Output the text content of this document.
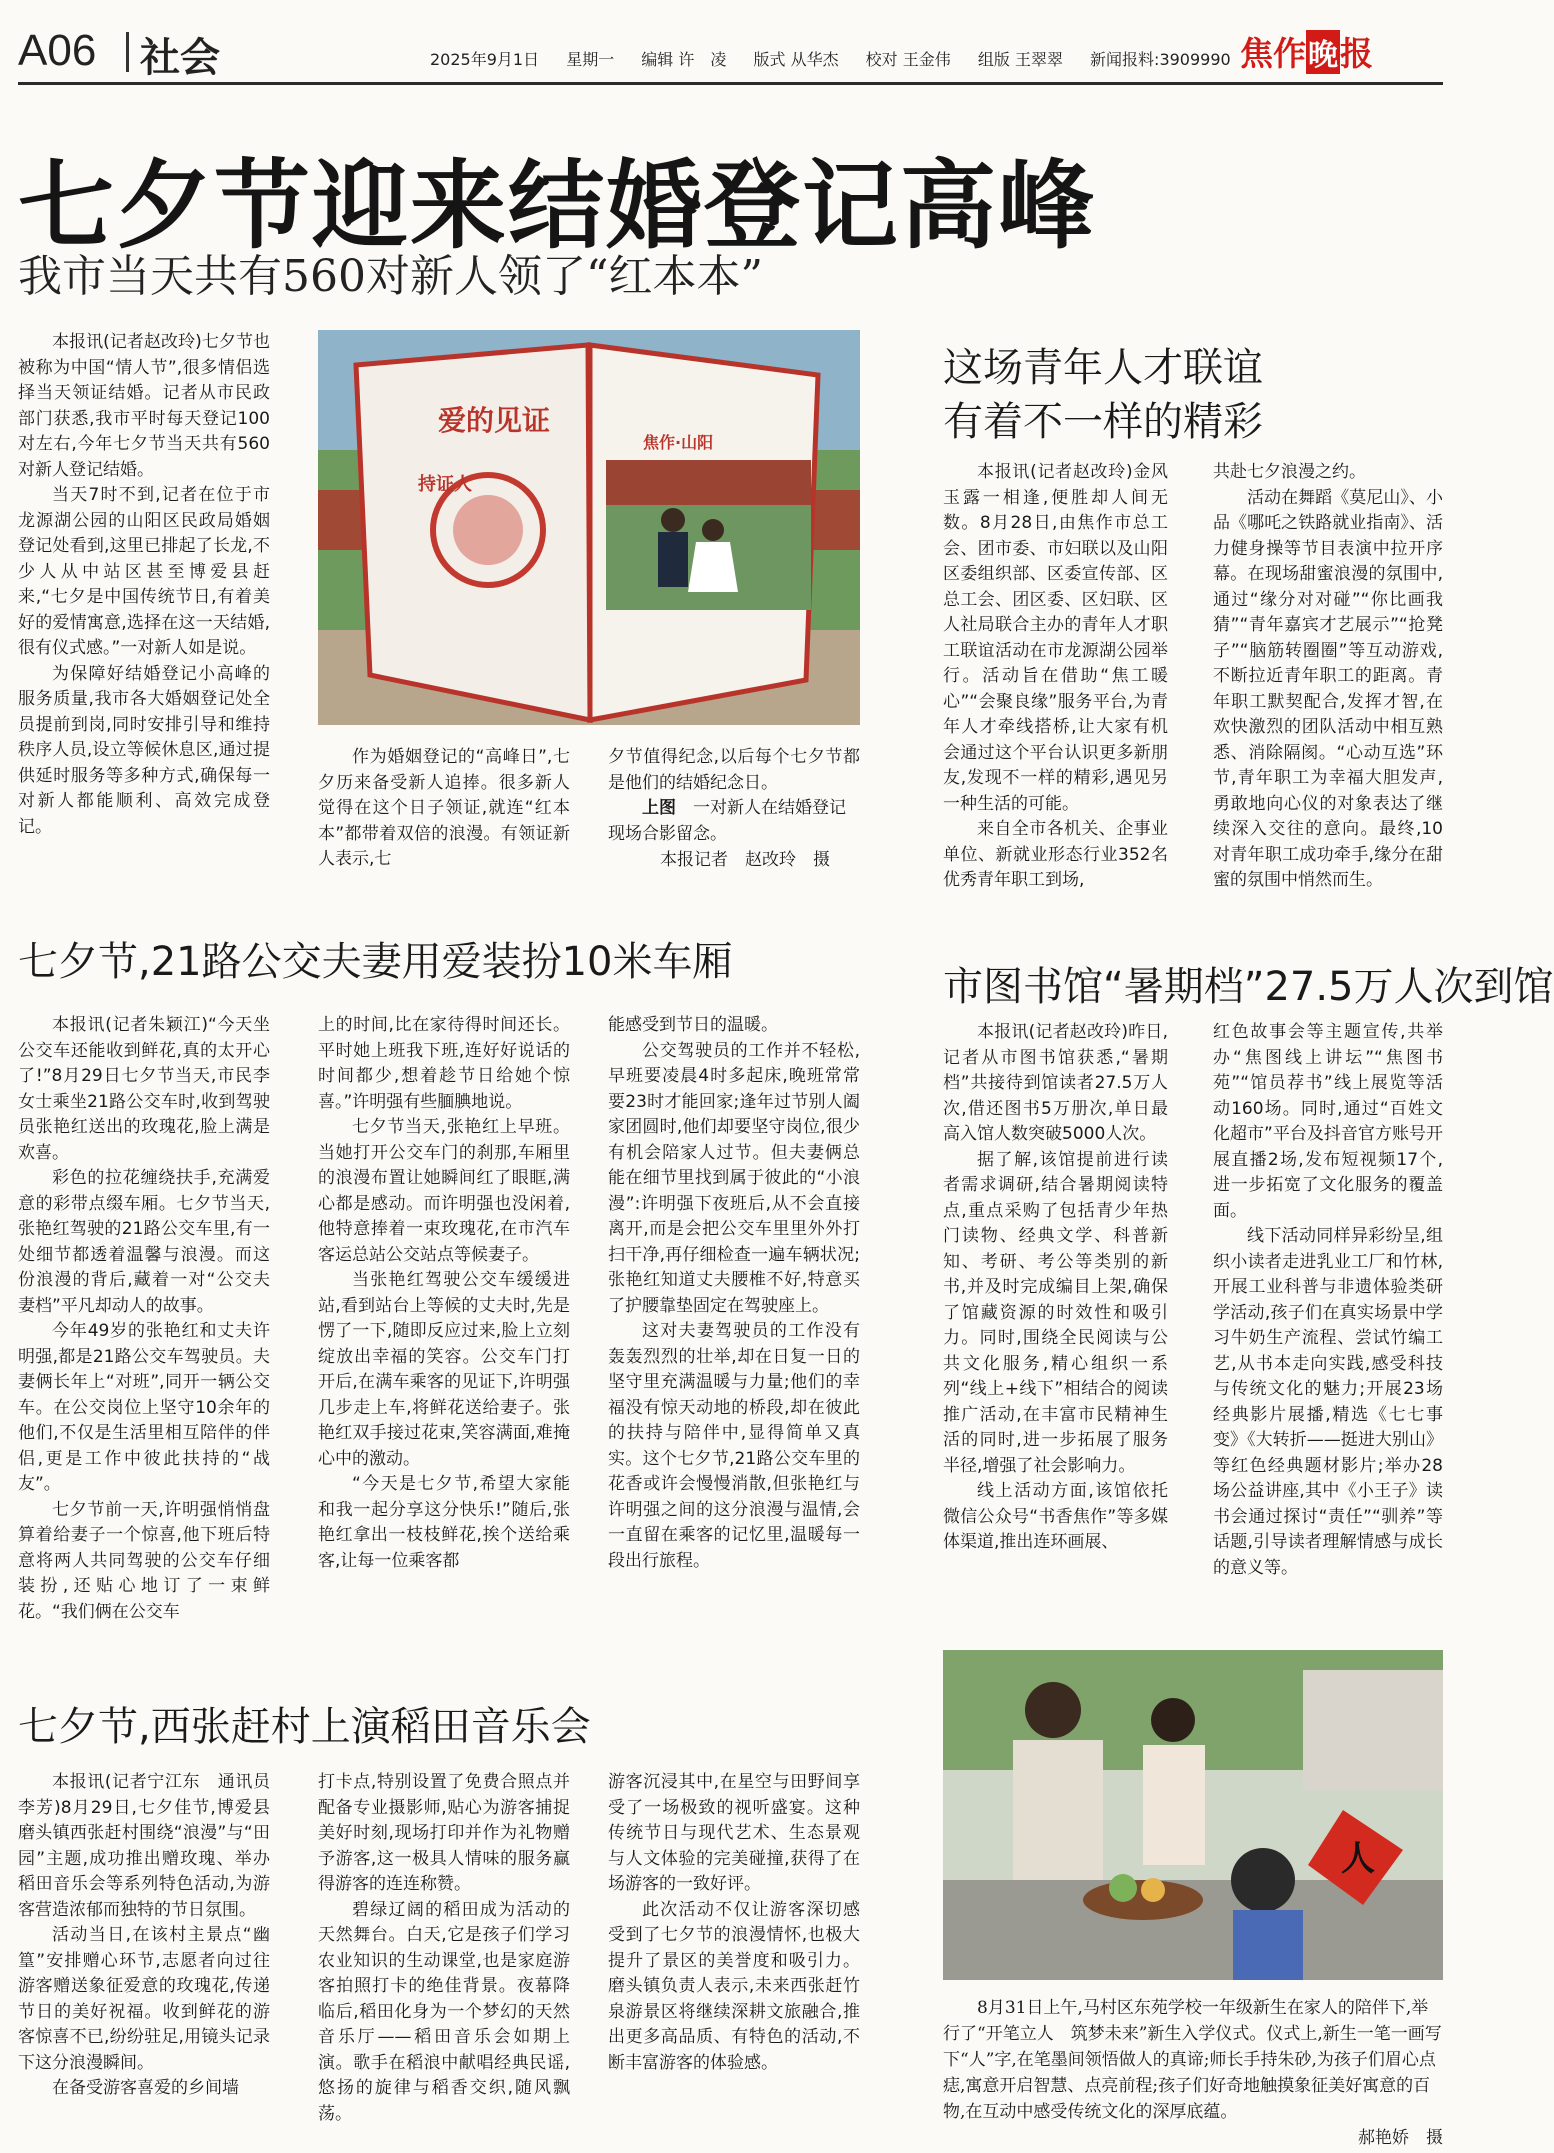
A06 社会	2025年9月1日 星期一 编辑 许　凌 版式 从华杰 校对 王金伟 组版 王翠翠 新闻报料:3909990 焦作晚报
七夕节迎来结婚登记高峰
我市当天共有560对新人领了“红本本”

本报讯(记者赵改玲)七夕节也被称为中国“情人节”,很多情侣选择当天领证结婚。记者从市民政部门获悉,我市平时每天登记100对左右,今年七夕节当天共有560对新人登记结婚。

当天7时不到,记者在位于市龙源湖公园的山阳区民政局婚姻登记处看到,这里已排起了长龙,不少人从中站区甚至博爱县赶来,“七夕是中国传统节日,有着美好的爱情寓意,选择在这一天结婚,很有仪式感。”一对新人如是说。

为保障好结婚登记小高峰的服务质量,我市各大婚姻登记处全员提前到岗,同时安排引导和维持秩序人员,设立等候休息区,通过提供延时服务等多种方式,确保每一对新人都能顺利、高效完成登记。

爱的见证
持证人
焦作·山阳

作为婚姻登记的“高峰日”,七夕历来备受新人追捧。很多新人觉得在这个日子领证,就连“红本本”都带着双倍的浪漫。有领证新人表示,七

夕节值得纪念,以后每个七夕节都是他们的结婚纪念日。

上图　 一对新人在结婚登记现场合影留念。

本报记者　赵改玲　摄

这场青年人才联谊
有着不一样的精彩

本报讯(记者赵改玲)金风玉露一相逢,便胜却人间无数。8月28日,由焦作市总工会、团市委、市妇联以及山阳区委组织部、区委宣传部、区总工会、团区委、区妇联、区人社局联合主办的青年人才职工联谊活动在市龙源湖公园举行。活动旨在借助“焦工暖心”“会聚良缘”服务平台,为青年人才牵线搭桥,让大家有机会通过这个平台认识更多新朋友,发现不一样的精彩,遇见另一种生活的可能。

来自全市各机关、企事业单位、新就业形态行业352名优秀青年职工到场,

共赴七夕浪漫之约。

活动在舞蹈《莫尼山》、小品《哪吒之铁路就业指南》、活力健身操等节目表演中拉开序幕。在现场甜蜜浪漫的氛围中,通过“缘分对对碰”“你比画我猜”“青年嘉宾才艺展示”“抢凳子”“脑筋转圈圈”等互动游戏,不断拉近青年职工的距离。青年职工默契配合,发挥才智,在欢快激烈的团队活动中相互熟悉、消除隔阂。“心动互选”环节,青年职工为幸福大胆发声,勇敢地向心仪的对象表达了继续深入交往的意向。最终,10对青年职工成功牵手,缘分在甜蜜的氛围中悄然而生。

七夕节,21路公交夫妻用爱装扮10米车厢

本报讯(记者朱颖江)“今天坐公交车还能收到鲜花,真的太开心了!”8月29日七夕节当天,市民李女士乘坐21路公交车时,收到驾驶员张艳红送出的玫瑰花,脸上满是欢喜。

彩色的拉花缠绕扶手,充满爱意的彩带点缀车厢。七夕节当天,张艳红驾驶的21路公交车里,有一处细节都透着温馨与浪漫。而这份浪漫的背后,藏着一对“公交夫妻档”平凡却动人的故事。

今年49岁的张艳红和丈夫许明强,都是21路公交车驾驶员。夫妻俩长年上“对班”,同开一辆公交车。在公交岗位上坚守10余年的他们,不仅是生活里相互陪伴的伴侣,更是工作中彼此扶持的“战友”。

七夕节前一天,许明强悄悄盘算着给妻子一个惊喜,他下班后特意将两人共同驾驶的公交车仔细装扮,还贴心地订了一束鲜花。“我们俩在公交车

上的时间,比在家待得时间还长。平时她上班我下班,连好好说话的时间都少,想着趁节日给她个惊喜。”许明强有些腼腆地说。

七夕节当天,张艳红上早班。当她打开公交车门的刹那,车厢里的浪漫布置让她瞬间红了眼眶,满心都是感动。而许明强也没闲着,他特意捧着一束玫瑰花,在市汽车客运总站公交站点等候妻子。

当张艳红驾驶公交车缓缓进站,看到站台上等候的丈夫时,先是愣了一下,随即反应过来,脸上立刻绽放出幸福的笑容。公交车门打开后,在满车乘客的见证下,许明强几步走上车,将鲜花送给妻子。张艳红双手接过花束,笑容满面,难掩心中的激动。

“今天是七夕节,希望大家能和我一起分享这分快乐!”随后,张艳红拿出一枝枝鲜花,挨个送给乘客,让每一位乘客都

能感受到节日的温暖。

公交驾驶员的工作并不轻松,早班要凌晨4时多起床,晚班常常要23时才能回家;逢年过节别人阖家团圆时,他们却要坚守岗位,很少有机会陪家人过节。但夫妻俩总能在细节里找到属于彼此的“小浪漫”:许明强下夜班后,从不会直接离开,而是会把公交车里里外外打扫干净,再仔细检查一遍车辆状况;张艳红知道丈夫腰椎不好,特意买了护腰靠垫固定在驾驶座上。

这对夫妻驾驶员的工作没有轰轰烈烈的壮举,却在日复一日的坚守里充满温暖与力量;他们的幸福没有惊天动地的桥段,却在彼此的扶持与陪伴中,显得简单又真实。这个七夕节,21路公交车里的花香或许会慢慢消散,但张艳红与许明强之间的这分浪漫与温情,会一直留在乘客的记忆里,温暖每一段出行旅程。

市图书馆“暑期档”27.5万人次到馆

本报讯(记者赵改玲)昨日,记者从市图书馆获悉,“暑期档”共接待到馆读者27.5万人次,借还图书5万册次,单日最高入馆人数突破5000人次。

据了解,该馆提前进行读者需求调研,结合暑期阅读特点,重点采购了包括青少年热门读物、经典文学、科普新知、考研、考公等类别的新书,并及时完成编目上架,确保了馆藏资源的时效性和吸引力。同时,围绕全民阅读与公共文化服务,精心组织一系列“线上+线下”相结合的阅读推广活动,在丰富市民精神生活的同时,进一步拓展了服务半径,增强了社会影响力。

线上活动方面,该馆依托微信公众号“书香焦作”等多媒体渠道,推出连环画展、

红色故事会等主题宣传,共举办“焦图线上讲坛”“焦图书苑”“馆员荐书”线上展览等活动160场。同时,通过“百姓文化超市”平台及抖音官方账号开展直播2场,发布短视频17个,进一步拓宽了文化服务的覆盖面。

线下活动同样异彩纷呈,组织小读者走进乳业工厂和竹林,开展工业科普与非遗体验类研学活动,孩子们在真实场景中学习牛奶生产流程、尝试竹编工艺,从书本走向实践,感受科技与传统文化的魅力;开展23场经典影片展播,精选《七七事变》《大转折——挺进大别山》等红色经典题材影片;举办28场公益讲座,其中《小王子》读书会通过探讨“责任”“驯养”等话题,引导读者理解情感与成长的意义等。

七夕节,西张赶村上演稻田音乐会

本报讯(记者宁江东　通讯员李芳)8月29日,七夕佳节,博爱县磨头镇西张赶村围绕“浪漫”与“田园”主题,成功推出赠玫瑰、举办稻田音乐会等系列特色活动,为游客营造浓郁而独特的节日氛围。

活动当日,在该村主景点“幽篁”安排赠心环节,志愿者向过往游客赠送象征爱意的玫瑰花,传递节日的美好祝福。收到鲜花的游客惊喜不已,纷纷驻足,用镜头记录下这分浪漫瞬间。

在备受游客喜爱的乡间墙

打卡点,特别设置了免费合照点并配备专业摄影师,贴心为游客捕捉美好时刻,现场打印并作为礼物赠予游客,这一极具人情味的服务赢得游客的连连称赞。

碧绿辽阔的稻田成为活动的天然舞台。白天,它是孩子们学习农业知识的生动课堂,也是家庭游客拍照打卡的绝佳背景。夜幕降临后,稻田化身为一个梦幻的天然音乐厅——稻田音乐会如期上演。歌手在稻浪中献唱经典民谣,悠扬的旋律与稻香交织,随风飘荡。

游客沉浸其中,在星空与田野间享受了一场极致的视听盛宴。这种传统节日与现代艺术、生态景观与人文体验的完美碰撞,获得了在场游客的一致好评。

此次活动不仅让游客深切感受到了七夕节的浪漫情怀,也极大提升了景区的美誉度和吸引力。磨头镇负责人表示,未来西张赶竹泉游景区将继续深耕文旅融合,推出更多高品质、有特色的活动,不断丰富游客的体验感。

人

8月31日上午,马村区东苑学校一年级新生在家人的陪伴下,举行了“开笔立人　筑梦未来”新生入学仪式。仪式上,新生一笔一画写下“人”字,在笔墨间领悟做人的真谛;师长手持朱砂,为孩子们眉心点痣,寓意开启智慧、点亮前程;孩子们好奇地触摸象征美好寓意的百物,在互动中感受传统文化的深厚底蕴。

郝艳娇　摄
